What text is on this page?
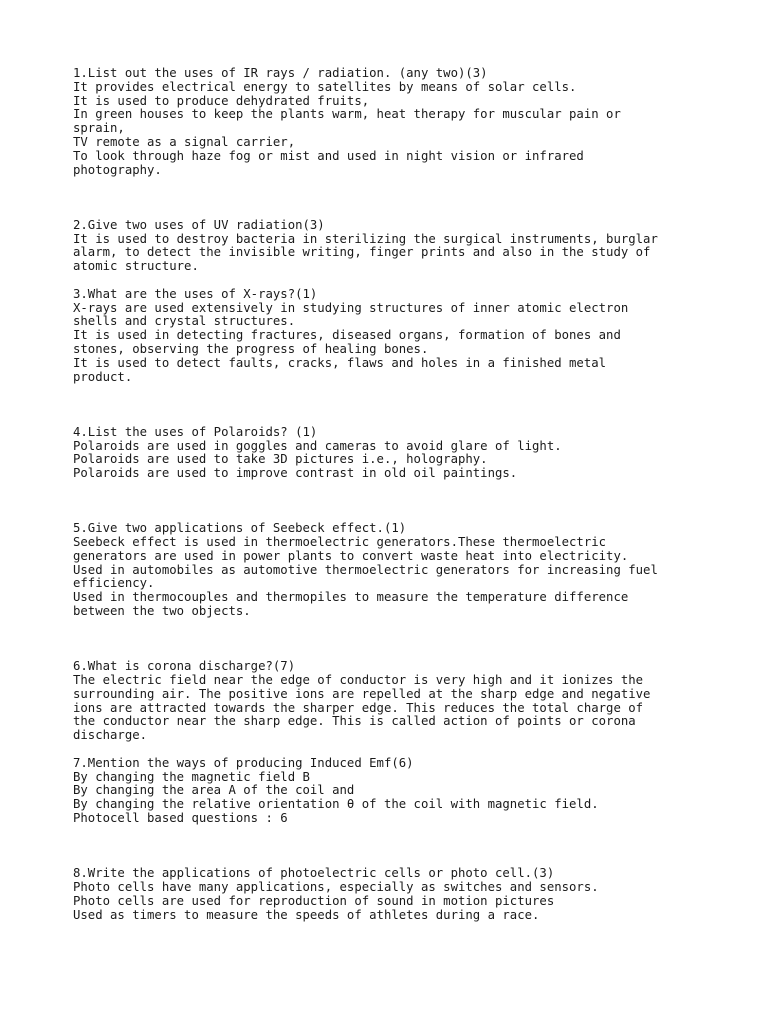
1.List out the uses of IR rays / radiation. (any two)(3)
It provides electrical energy to satellites by means of solar cells.
It is used to produce dehydrated fruits,
In green houses to keep the plants warm, heat therapy for muscular pain or
sprain,
TV remote as a signal carrier,
To look through haze fog or mist and used in night vision or infrared
photography.
2.Give two uses of UV radiation(3)
It is used to destroy bacteria in sterilizing the surgical instruments, burglar
alarm, to detect the invisible writing, finger prints and also in the study of
atomic structure.
3.What are the uses of X-rays?(1)
X-rays are used extensively in studying structures of inner atomic electron
shells and crystal structures.
It is used in detecting fractures, diseased organs, formation of bones and
stones, observing the progress of healing bones.
It is used to detect faults, cracks, flaws and holes in a finished metal
product.
4.List the uses of Polaroids? (1)
Polaroids are used in goggles and cameras to avoid glare of light.
Polaroids are used to take 3D pictures i.e., holography.
Polaroids are used to improve contrast in old oil paintings.
5.Give two applications of Seebeck effect.(1)
Seebeck effect is used in thermoelectric generators.These thermoelectric
generators are used in power plants to convert waste heat into electricity.
Used in automobiles as automotive thermoelectric generators for increasing fuel
efficiency.
Used in thermocouples and thermopiles to measure the temperature difference
between the two objects.
6.What is corona discharge?(7)
The electric field near the edge of conductor is very high and it ionizes the
surrounding air. The positive ions are repelled at the sharp edge and negative
ions are attracted towards the sharper edge. This reduces the total charge of
the conductor near the sharp edge. This is called action of points or corona
discharge.
7.Mention the ways of producing Induced Emf(6)
By changing the magnetic field B
By changing the area A of the coil and
By changing the relative orientation θ of the coil with magnetic field.
Photocell based questions : 6
8.Write the applications of photoelectric cells or photo cell.(3)
Photo cells have many applications, especially as switches and sensors.
Photo cells are used for reproduction of sound in motion pictures
Used as timers to measure the speeds of athletes during a race.
